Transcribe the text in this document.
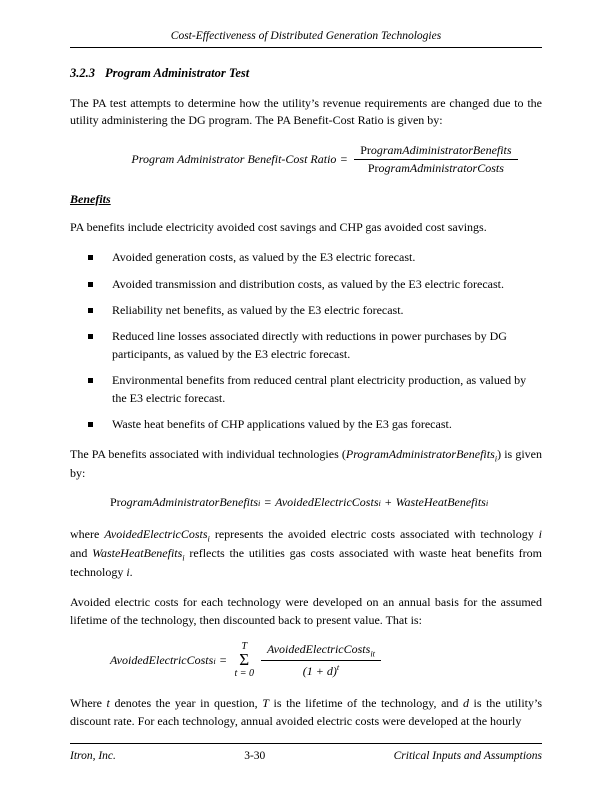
Cost-Effectiveness of Distributed Generation Technologies
3.2.3 Program Administrator Test

The PA test attempts to determine how the utility’s revenue requirements are changed due to the utility administering the DG program. The PA Benefit-Cost Ratio is given by:

Program Administrator Benefit-Cost Ratio = $\frac{\text{ProgramAdiministratorBenefits}}{\text{ProgramAdministratorCosts}}$
Benefits

PA benefits include electricity avoided cost savings and CHP gas avoided cost savings.

Avoided generation costs, as valued by the E3 electric forecast.
Avoided transmission and distribution costs, as valued by the E3 electric forecast.
Reliability net benefits, as valued by the E3 electric forecast.
Reduced line losses associated directly with reductions in power purchases by DG participants, as valued by the E3 electric forecast.
Environmental benefits from reduced central plant electricity production, as valued by the E3 electric forecast.
Waste heat benefits of CHP applications valued by the E3 gas forecast.

The PA benefits associated with individual technologies (ProgramAdministratorBenefits$_i$) is given by:

Pr ogramAd min istratorBenefits i = AvoidedElectricCosts i + WasteHeatBenefits i

where AvoidedElectricCosts$_i$ represents the avoided electric costs associated with technology i and WasteHeatBenefits$_i$ reflects the utilities gas costs associated with waste heat benefits from technology i.

Avoided electric costs for each technology were developed on an annual basis for the assumed lifetime of the technology, then discounted back to present value. That is:

AvoidedElectricCosts i =
T
Σ
$t = 0 \frac{AvoidedElectricCosts_{it}}{(1 + d)^t}$

Where t denotes the year in question, T is the lifetime of the technology, and d is the utility’s discount rate. For each technology, annual avoided electric costs were developed at the hourly

Itron, Inc.	3-30	Critical Inputs and Assumptions
